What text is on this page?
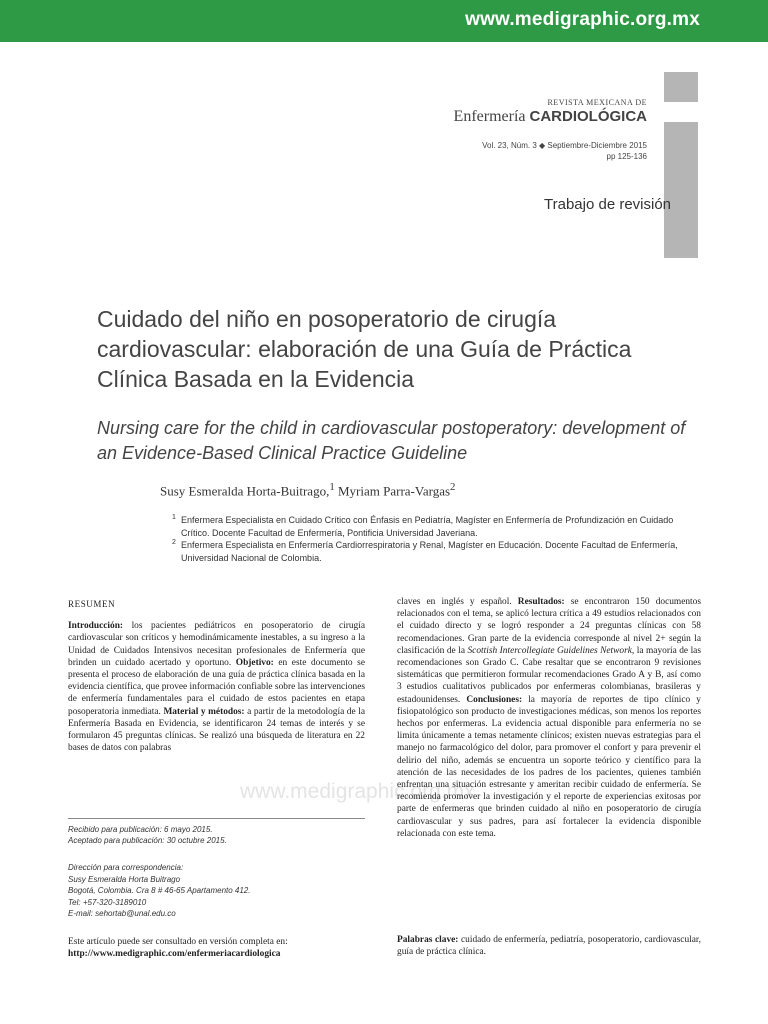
www.medigraphic.org.mx
REVISTA MEXICANA DE
Enfermería CARDIOLÓGICA
Vol. 23, Núm. 3 ◆ Septiembre-Diciembre 2015
pp 125-136
Trabajo de revisión
Cuidado del niño en posoperatorio de cirugía cardiovascular: elaboración de una Guía de Práctica Clínica Basada en la Evidencia
Nursing care for the child in cardiovascular postoperatory: development of an Evidence-Based Clinical Practice Guideline
Susy Esmeralda Horta-Buitrago,$^1$ Myriam Parra-Vargas$^2$
1 Enfermera Especialista en Cuidado Crítico con Énfasis en Pediatría, Magíster en Enfermería de Profundización en Cuidado Crítico. Docente Facultad de Enfermería, Pontificia Universidad Javeriana.
2 Enfermera Especialista en Enfermería Cardiorrespiratoria y Renal, Magíster en Educación. Docente Facultad de Enfermería, Universidad Nacional de Colombia.
www.medigraphic.org.mx
RESUMEN

Introducción: los pacientes pediátricos en posoperatorio de cirugía cardiovascular son críticos y hemodinámicamente inestables, a su ingreso a la Unidad de Cuidados Intensivos necesitan profesionales de Enfermería que brinden un cuidado acertado y oportuno. Objetivo: en este documento se presenta el proceso de elaboración de una guía de práctica clínica basada en la evidencia científica, que provee información confiable sobre las intervenciones de enfermería fundamentales para el cuidado de estos pacientes en etapa posoperatoria inmediata. Material y métodos: a partir de la metodología de la Enfermería Basada en Evidencia, se identificaron 24 temas de interés y se formularon 45 preguntas clínicas. Se realizó una búsqueda de literatura en 22 bases de datos con palabras

claves en inglés y español. Resultados: se encontraron 150 documentos relacionados con el tema, se aplicó lectura crítica a 49 estudios relacionados con el cuidado directo y se logró responder a 24 preguntas clínicas con 58 recomendaciones. Gran parte de la evidencia corresponde al nivel 2+ según la clasificación de la Scottish Intercollegiate Guidelines Network, la mayoría de las recomendaciones son Grado C. Cabe resaltar que se encontraron 9 revisiones sistemáticas que permitieron formular recomendaciones Grado A y B, así como 3 estudios cualitativos publicados por enfermeras colombianas, brasileras y estadounidenses. Conclusiones: la mayoría de reportes de tipo clínico y fisiopatológico son producto de investigaciones médicas, son menos los reportes hechos por enfermeras. La evidencia actual disponible para enfermería no se limita únicamente a temas netamente clínicos; existen nuevas estrategias para el manejo no farmacológico del dolor, para promover el confort y para prevenir el delirio del niño, además se encuentra un soporte teórico y científico para la atención de las necesidades de los padres de los pacientes, quienes también enfrentan una situación estresante y ameritan recibir cuidado de enfermería. Se recomienda promover la investigación y el reporte de experiencias exitosas por parte de enfermeras que brinden cuidado al niño en posoperatorio de cirugía cardiovascular y sus padres, para así fortalecer la evidencia disponible relacionada con este tema.

Recibido para publicación: 6 mayo 2015.
Aceptado para publicación: 30 octubre 2015.
Dirección para correspondencia:
Susy Esmeralda Horta Buitrago
Bogotá, Colombia. Cra 8 # 46-65 Apartamento 412.
Tel: +57-320-3189010
E-mail: sehortab@unal.edu.co
Este artículo puede ser consultado en versión completa en: http://www.medigraphic.com/enfermeriacardiologica
Palabras clave: cuidado de enfermería, pediatría, posoperatorio, cardiovascular, guía de práctica clínica.
